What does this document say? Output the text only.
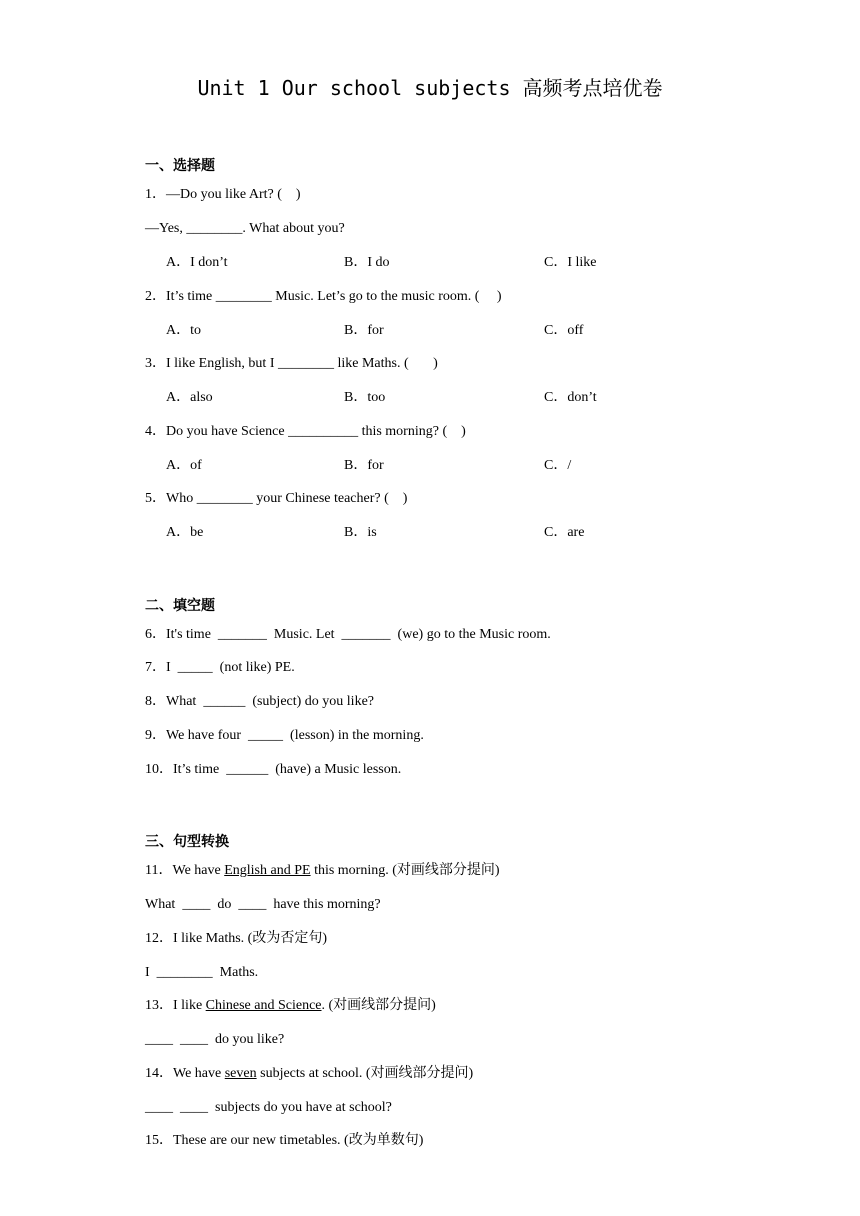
Unit 1 Our school subjects 高频考点培优卷
一、选择题
1．—Do you like Art? (    )
—Yes, ________. What about you?
A．I don’t	B．I do	C．I like
2．It’s time ________ Music. Let’s go to the music room. (     )
A．to	B．for	C．off
3．I like English, but I ________ like Maths. (       )
A．also	B．too	C．don’t
4．Do you have Science __________ this morning? (    )
A．of	B．for	C．/
5．Who ________ your Chinese teacher? (    )
A．be	B．is	C．are
二、填空题
6．It's time  _______  Music. Let  _______  (we) go to the Music room.
7．I  _____  (not like) PE.
8．What  ______  (subject) do you like?
9．We have four  _____  (lesson) in the morning.
10．It’s time  ______  (have) a Music lesson.
三、句型转换
11．We have English and PE this morning. (对画线部分提问)
What  ____  do  ____  have this morning?
12．I like Maths. (改为否定句)
I  ________  Maths.
13．I like Chinese and Science. (对画线部分提问)
____  ____  do you like?
14．We have seven subjects at school. (对画线部分提问)
____  ____  subjects do you have at school?
15．These are our new timetables. (改为单数句)
